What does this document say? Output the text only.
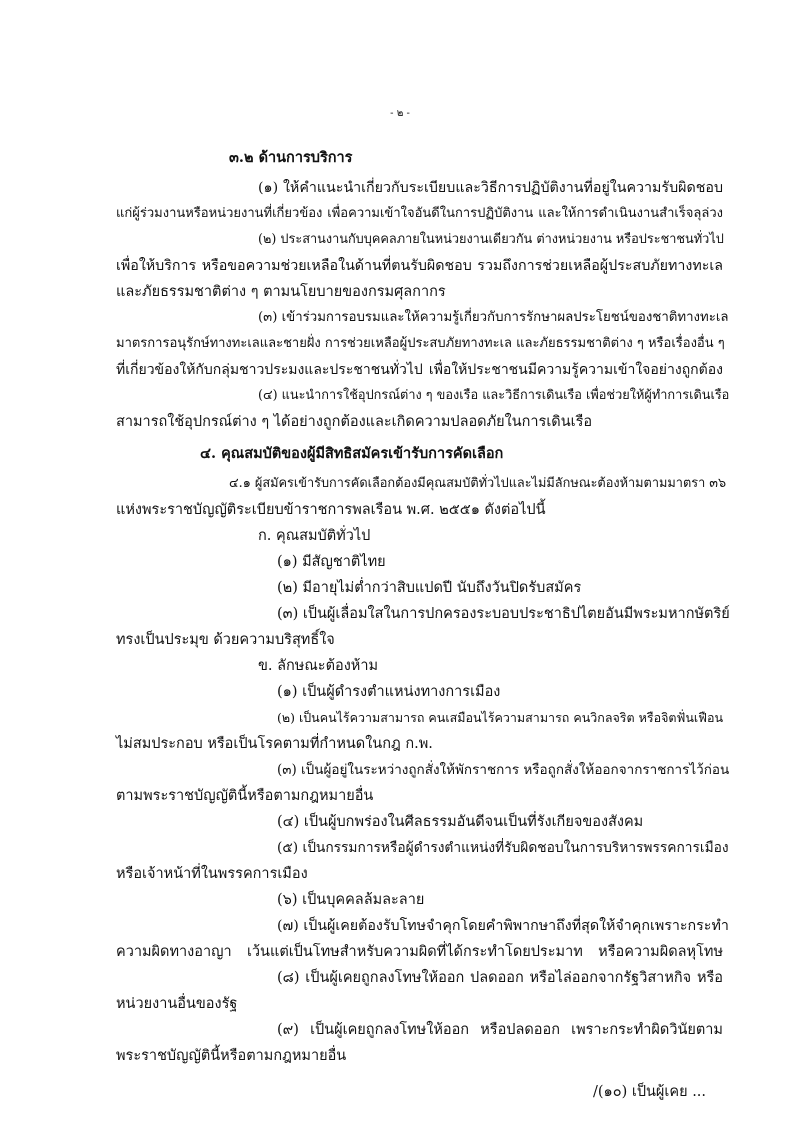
- ๒ -
๓.๒ ด้านการบริการ
(๑) ให้คำแนะนำเกี่ยวกับระเบียบและวิธีการปฏิบัติงานที่อยู่ในความรับผิดชอบ
แก่ผู้ร่วมงานหรือหน่วยงานที่เกี่ยวข้อง เพื่อความเข้าใจอันดีในการปฏิบัติงาน และให้การดำเนินงานสำเร็จลุล่วง
(๒) ประสานงานกับบุคคลภายในหน่วยงานเดียวกัน ต่างหน่วยงาน หรือประชาชนทั่วไป
เพื่อให้บริการ หรือขอความช่วยเหลือในด้านที่ตนรับผิดชอบ รวมถึงการช่วยเหลือผู้ประสบภัยทางทะเล
และภัยธรรมชาติต่าง ๆ ตามนโยบายของกรมศุลกากร
(๓) เข้าร่วมการอบรมและให้ความรู้เกี่ยวกับการรักษาผลประโยชน์ของชาติทางทะเล
มาตรการอนุรักษ์ทางทะเลและชายฝั่ง การช่วยเหลือผู้ประสบภัยทางทะเล และภัยธรรมชาติต่าง ๆ หรือเรื่องอื่น ๆ
ที่เกี่ยวข้องให้กับกลุ่มชาวประมงและประชาชนทั่วไป เพื่อให้ประชาชนมีความรู้ความเข้าใจอย่างถูกต้อง
(๔) แนะนำการใช้อุปกรณ์ต่าง ๆ ของเรือ และวิธีการเดินเรือ เพื่อช่วยให้ผู้ทำการเดินเรือ
สามารถใช้อุปกรณ์ต่าง ๆ ได้อย่างถูกต้องและเกิดความปลอดภัยในการเดินเรือ
๔. คุณสมบัติของผู้มีสิทธิสมัครเข้ารับการคัดเลือก
๔.๑ ผู้สมัครเข้ารับการคัดเลือกต้องมีคุณสมบัติทั่วไปและไม่มีลักษณะต้องห้ามตามมาตรา ๓๖
แห่งพระราชบัญญัติระเบียบข้าราชการพลเรือน พ.ศ. ๒๕๕๑ ดังต่อไปนี้
ก. คุณสมบัติทั่วไป
(๑) มีสัญชาติไทย
(๒) มีอายุไม่ต่ำกว่าสิบแปดปี นับถึงวันปิดรับสมัคร
(๓) เป็นผู้เลื่อมใสในการปกครองระบอบประชาธิปไตยอันมีพระมหากษัตริย์
ทรงเป็นประมุข ด้วยความบริสุทธิ์ใจ
ข. ลักษณะต้องห้าม
(๑) เป็นผู้ดำรงตำแหน่งทางการเมือง
(๒) เป็นคนไร้ความสามารถ คนเสมือนไร้ความสามารถ คนวิกลจริต หรือจิตฟั่นเฟือน
ไม่สมประกอบ หรือเป็นโรคตามที่กำหนดในกฎ ก.พ.
(๓) เป็นผู้อยู่ในระหว่างถูกสั่งให้พักราชการ หรือถูกสั่งให้ออกจากราชการไว้ก่อน
ตามพระราชบัญญัตินี้หรือตามกฎหมายอื่น
(๔) เป็นผู้บกพร่องในศีลธรรมอันดีจนเป็นที่รังเกียจของสังคม
(๕) เป็นกรรมการหรือผู้ดำรงตำแหน่งที่รับผิดชอบในการบริหารพรรคการเมือง
หรือเจ้าหน้าที่ในพรรคการเมือง
(๖) เป็นบุคคลล้มละลาย
(๗) เป็นผู้เคยต้องรับโทษจำคุกโดยคำพิพากษาถึงที่สุดให้จำคุกเพราะกระทำ
ความผิดทางอาญา เว้นแต่เป็นโทษสำหรับความผิดที่ได้กระทำโดยประมาท หรือความผิดลหุโทษ
(๘) เป็นผู้เคยถูกลงโทษให้ออก ปลดออก หรือไล่ออกจากรัฐวิสาหกิจ หรือ
หน่วยงานอื่นของรัฐ
(๙) เป็นผู้เคยถูกลงโทษให้ออก หรือปลดออก เพราะกระทำผิดวินัยตาม
พระราชบัญญัตินี้หรือตามกฎหมายอื่น
/(๑๐) เป็นผู้เคย ...
